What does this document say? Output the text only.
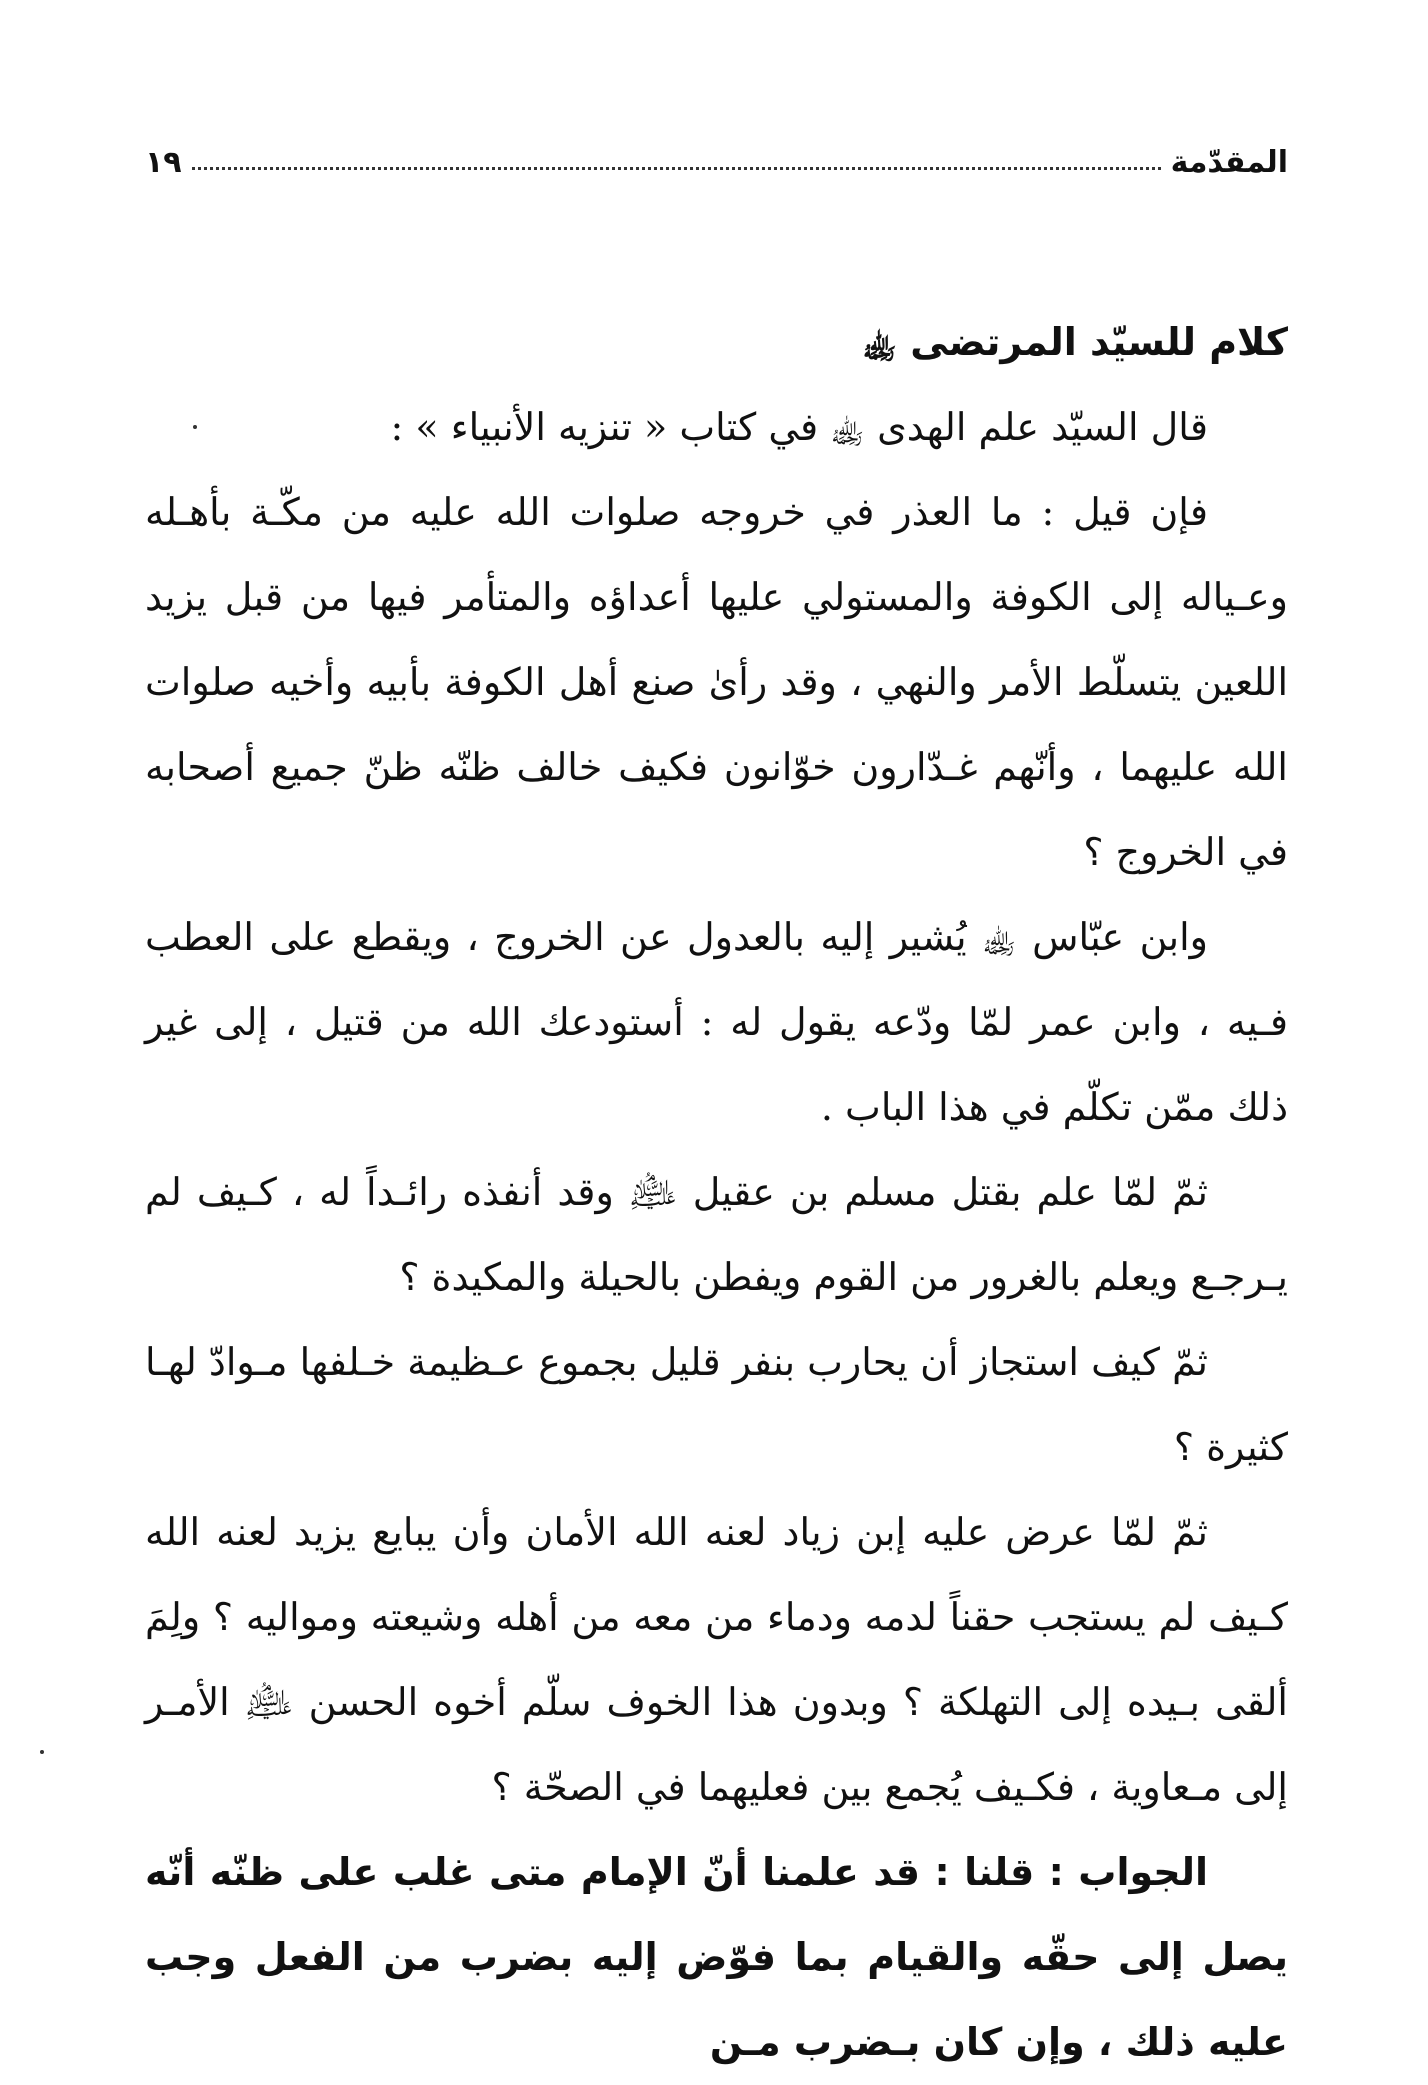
المقدّمة
١٩

كلام للسيّد المرتضى ﵀

قال السيّد علم الهدى ﵀ في كتاب « تنزيه الأنبياء » :

فإن قيل : ما العذر في خروجه صلوات الله عليه من مكّـة بأهـله وعـياله إلى الكوفة والمستولي عليها أعداؤه والمتأمر فيها من قبل يزيد اللعين يتسلّط الأمر والنهي ، وقد رأىٰ صنع أهل الكوفة بأبيه وأخيه صلوات الله عليهما ، وأنّهم غـدّارون خوّانون فكيف خالف ظنّه ظنّ جميع أصحابه في الخروج ؟

وابن عبّاس ﵀ يُشير إليه بالعدول عن الخروج ، ويقطع على العطب فـيه ، وابن عمر لمّا ودّعه يقول له : أستودعك الله من قتيل ، إلى غير ذلك ممّن تكلّم في هذا الباب .

ثمّ لمّا علم بقتل مسلم بن عقيل ﵇ وقد أنفذه رائـداً له ، كـيف لم يـرجـع ويعلم بالغرور من القوم ويفطن بالحيلة والمكيدة ؟

ثمّ كيف استجاز أن يحارب بنفر قليل بجموع عـظيمة خـلفها مـوادّ لهـا كثيرة ؟

ثمّ لمّا عرض عليه إبن زياد لعنه الله الأمان وأن يبايع يزيد لعنه الله كـيف لم يستجب حقناً لدمه ودماء من معه من أهله وشيعته ومواليه ؟ ولِمَ ألقى بـيده إلى التهلكة ؟ وبدون هذا الخوف سلّم أخوه الحسن ﵇ الأمـر إلى مـعاوية ، فكـيف يُجمع بين فعليهما في الصحّة ؟

الجواب : قلنا : قد علمنا أنّ الإمام متى غلب على ظنّه أنّه يصل إلى حقّه والقيام بما فوّض إليه بضرب من الفعل وجب عليه ذلك ، وإن كان بـضرب مـن
